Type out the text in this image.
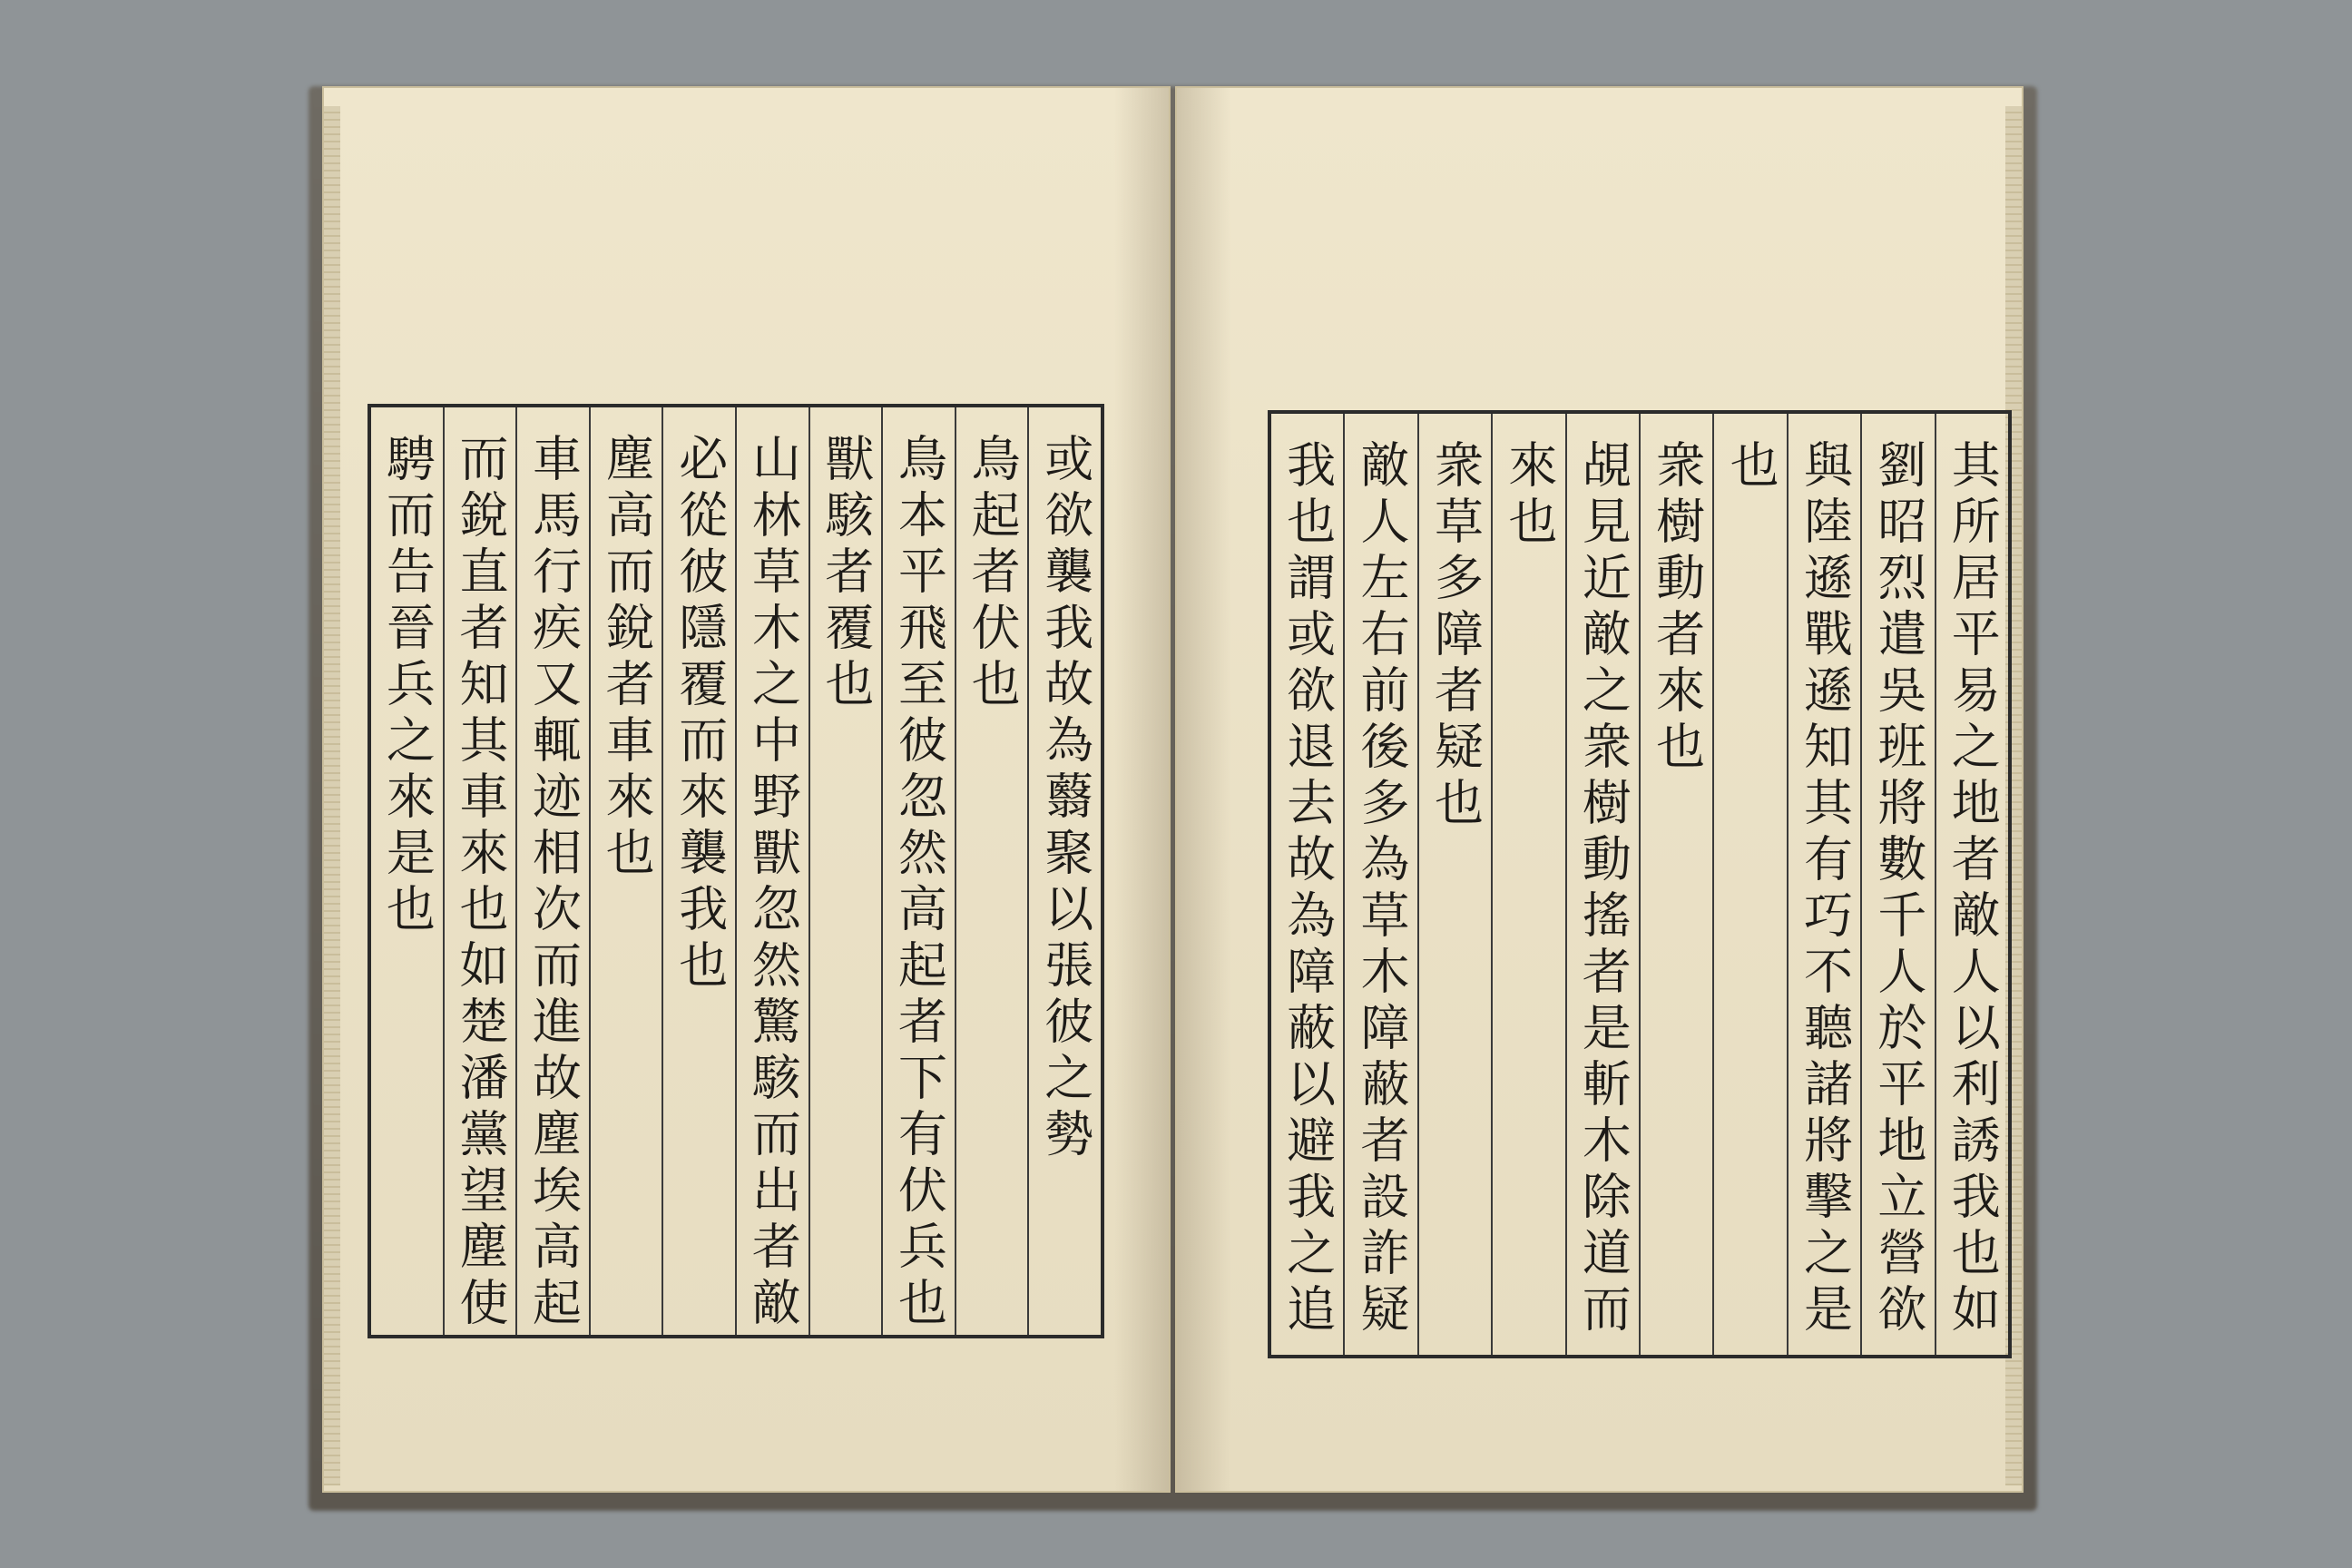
或欲襲我故為蘙聚以張彼之勢
鳥起者伏也
鳥本平飛至彼忽然高起者下有伏兵也
獸駭者覆也
山林草木之中野獸忽然驚駭而出者敵
必從彼隱覆而來襲我也
塵高而銳者車來也
車馬行疾又輒迹相次而進故塵埃高起
而銳直者知其車來也如楚潘黨望塵使
騁而告晉兵之來是也	其所居平易之地者敵人以利誘我也如
劉昭烈遣吳班將數千人於平地立營欲
與陸遜戰遜知其有巧不聽諸將擊之是
也
衆樹動者來也
覘見近敵之衆樹動搖者是斬木除道而
來也
衆草多障者疑也
敵人左右前後多為草木障蔽者設詐疑
我也謂或欲退去故為障蔽以避我之追
